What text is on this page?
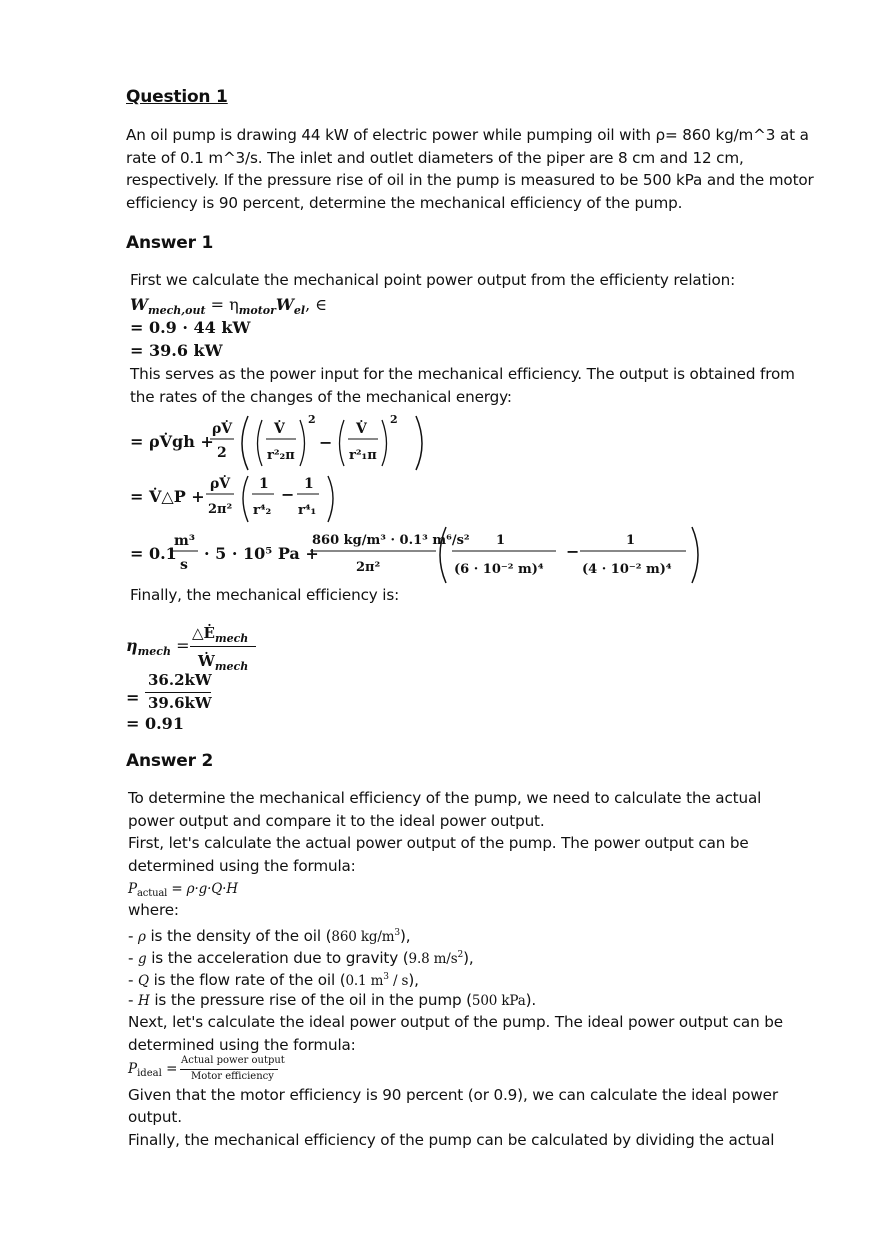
Question 1
An oil pump is drawing 44 kW of electric power while pumping oil with ρ= 860 kg/m^3 at a rate of 0.1 m^3/s. The inlet and outlet diameters of the piper are 8 cm and 12 cm, respectively. If the pressure rise of oil in the pump is measured to be 500 kPa and the motor efficiency is 90 percent, determine the mechanical efficiency of the pump.
Answer 1
First we calculate the mechanical point power output from the efficienty relation:
$W_{mech,out} = \eta_{motor}W_{el}$, ∈
= 0.9 · 44 kW
= 39.6 kW
This serves as the power input for the mechanical efficiency. The output is obtained from
the rates of the changes of the mechanical energy:
= ρV̇gh +
ρV̇
2
V̇
r²₂π
2
−
V̇
r²₁π
2
= V̇△P +
ρV̇
2π²
1
r⁴₂
−
1
r⁴₁
= 0.1
m³
s
· 5 · 10⁵ Pa +
860 kg/m³ · 0.1³ m⁶/s²
2π²
1
(6 · 10⁻² m)⁴
−
1
(4 · 10⁻² m)⁴
Finally, the mechanical efficiency is:
$\eta_{mech}$ =
$\triangle Ė_{mech}$
Ẇ$_{mech}$
=
36.2kW
39.6kW
= 0.91
Answer 2
To determine the mechanical efficiency of the pump, we need to calculate the actual
power output and compare it to the ideal power output.
First, let's calculate the actual power output of the pump. The power output can be
determined using the formula:
Pactual = ρ·g·Q·H
where:
- ρ is the density of the oil (860 $kg/m^3$),
- g is the acceleration due to gravity (9.8 $m/s^2$),
- Q is the flow rate of the oil (0.1 $m^3 / s$),
- H is the pressure rise of the oil in the pump (500 kPa).
Next, let's calculate the ideal power output of the pump. The ideal power output can be
determined using the formula:
$P_{ideal}$ =
Actual power output
Motor efficiency
Given that the motor efficiency is 90 percent (or 0.9), we can calculate the ideal power
output.
Finally, the mechanical efficiency of the pump can be calculated by dividing the actual
